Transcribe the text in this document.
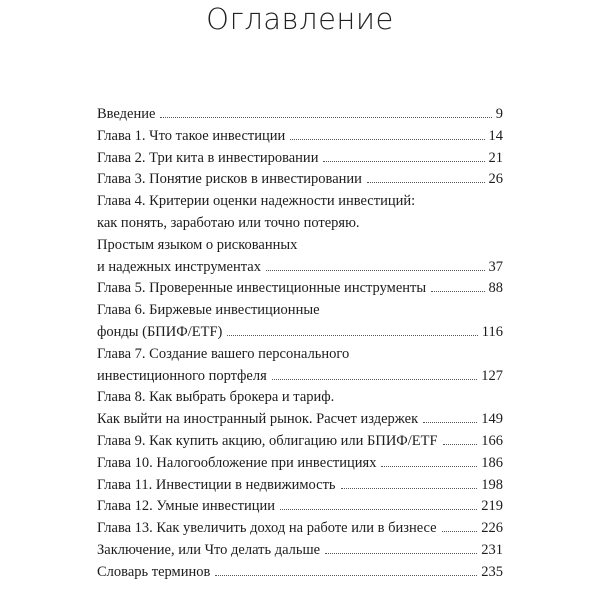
Оглавление
Введение	9
Глава 1. Что такое инвестиции	14
Глава 2. Три кита в инвестировании	21
Глава 3. Понятие рисков в инвестировании	26
Глава 4. Критерии оценки надежности инвестиций:
как понять, заработаю или точно потеряю.
Простым языком о рискованных
и надежных инструментах	37
Глава 5. Проверенные инвестиционные инструменты	88
Глава 6. Биржевые инвестиционные
фонды (БПИФ/ETF)	116
Глава 7. Создание вашего персонального
инвестиционного портфеля	127
Глава 8. Как выбрать брокера и тариф.
Как выйти на иностранный рынок. Расчет издержек	149
Глава 9. Как купить акцию, облигацию или БПИФ/ETF	166
Глава 10. Налогообложение при инвестициях	186
Глава 11. Инвестиции в недвижимость	198
Глава 12. Умные инвестиции	219
Глава 13. Как увеличить доход на работе или в бизнесе	226
Заключение, или Что делать дальше	231
Словарь терминов	235
